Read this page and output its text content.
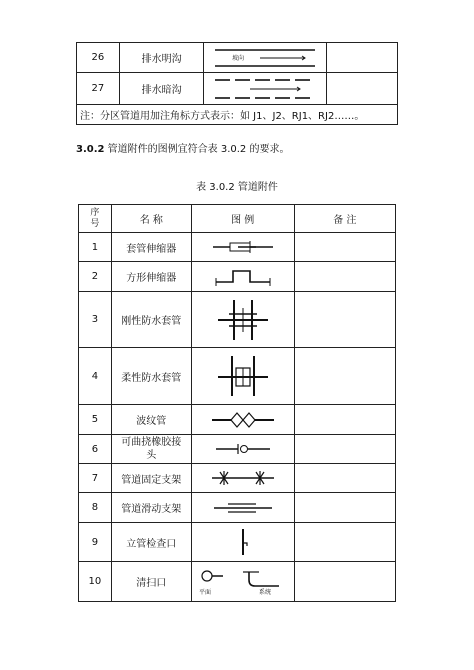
26	排水明沟	坡向	

27	排水暗沟	

注：分区管道用加注角标方式表示：如 J1、J2、RJ1、RJ2……。			
3.0.2 管道附件的图例宜符合表 3.0.2 的要求。
表 3.0.2 管道附件
序号	名 称	图 例	备 注
1	套管伸缩器	

2	方形伸缩器	

3	刚性防水套管	

4	柔性防水套管	

5	波纹管	

6	可曲挠橡胶接头	

7	管道固定支架	

8	管道滑动支架	

9	立管检查口	

10	清扫口	平面 系统	
